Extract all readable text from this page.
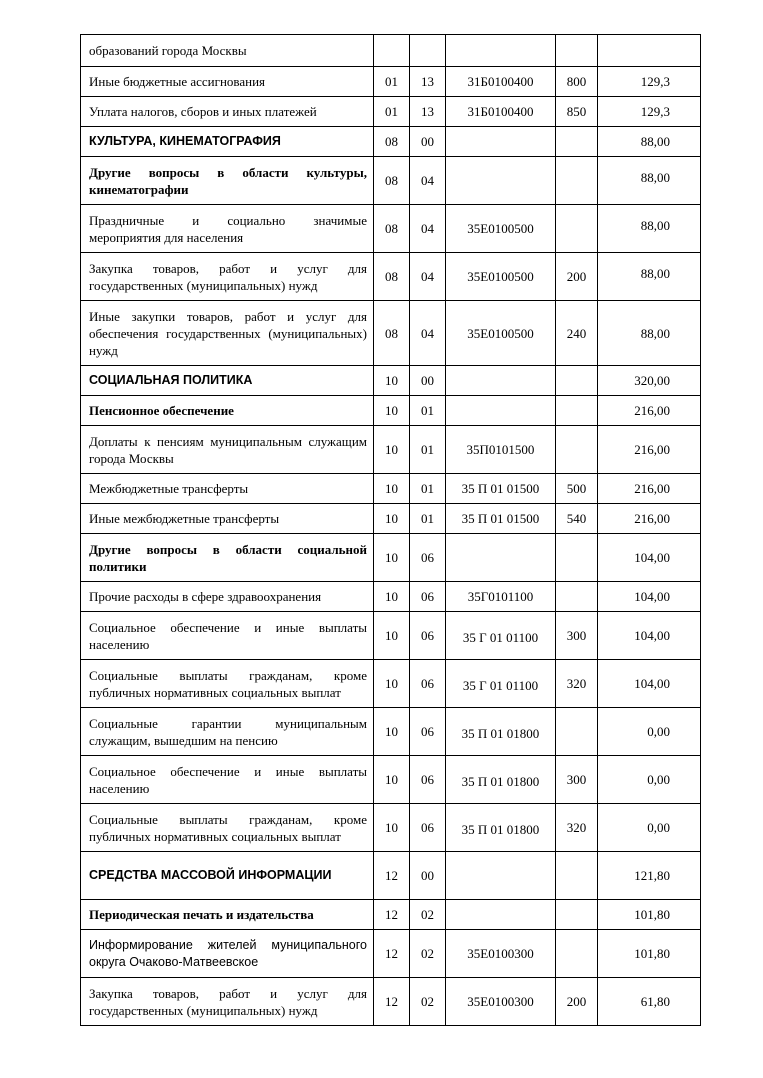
образований города Москвы					
Иные бюджетные ассигнования	01	13	31Б0100400	800	129,3
Уплата налогов, сборов и иных платежей	01	13	31Б0100400	850	129,3
КУЛЬТУРА, КИНЕМАТОГРАФИЯ	08	00			88,00
Другие вопросы в области культуры, кинематографии	08	04			88,00
Праздничные и социально значимые мероприятия для населения	08	04	35Е0100500		88,00
Закупка товаров, работ и услуг для государственных (муниципальных) нужд	08	04	35Е0100500	200	88,00
Иные закупки товаров, работ и услуг для обеспечения государственных (муниципальных) нужд	08	04	35Е0100500	240	88,00
СОЦИАЛЬНАЯ ПОЛИТИКА	10	00			320,00
Пенсионное обеспечение	10	01			216,00
Доплаты к пенсиям муниципальным служащим города Москвы	10	01	35П0101500		216,00
Межбюджетные трансферты	10	01	35 П 01 01500	500	216,00
Иные межбюджетные трансферты	10	01	35 П 01 01500	540	216,00
Другие вопросы в области социальной политики	10	06			104,00
Прочие расходы в сфере здравоохранения	10	06	35Г0101100		104,00
Социальное обеспечение и иные выплаты населению	10	06	35 Г 01 01100	300	104,00
Социальные выплаты гражданам, кроме публичных нормативных социальных выплат	10	06	35 Г 01 01100	320	104,00
Социальные гарантии муниципальным служащим, вышедшим на пенсию	10	06	35 П 01 01800		0,00
Социальное обеспечение и иные выплаты населению	10	06	35 П 01 01800	300	0,00
Социальные выплаты гражданам, кроме публичных нормативных социальных выплат	10	06	35 П 01 01800	320	0,00
СРЕДСТВА МАССОВОЙ ИНФОРМАЦИИ	12	00			121,80
Периодическая печать и издательства	12	02			101,80
Информирование жителей муниципального округа Очаково-Матвеевское	12	02	35Е0100300		101,80
Закупка товаров, работ и услуг для государственных (муниципальных) нужд	12	02	35Е0100300	200	61,80
